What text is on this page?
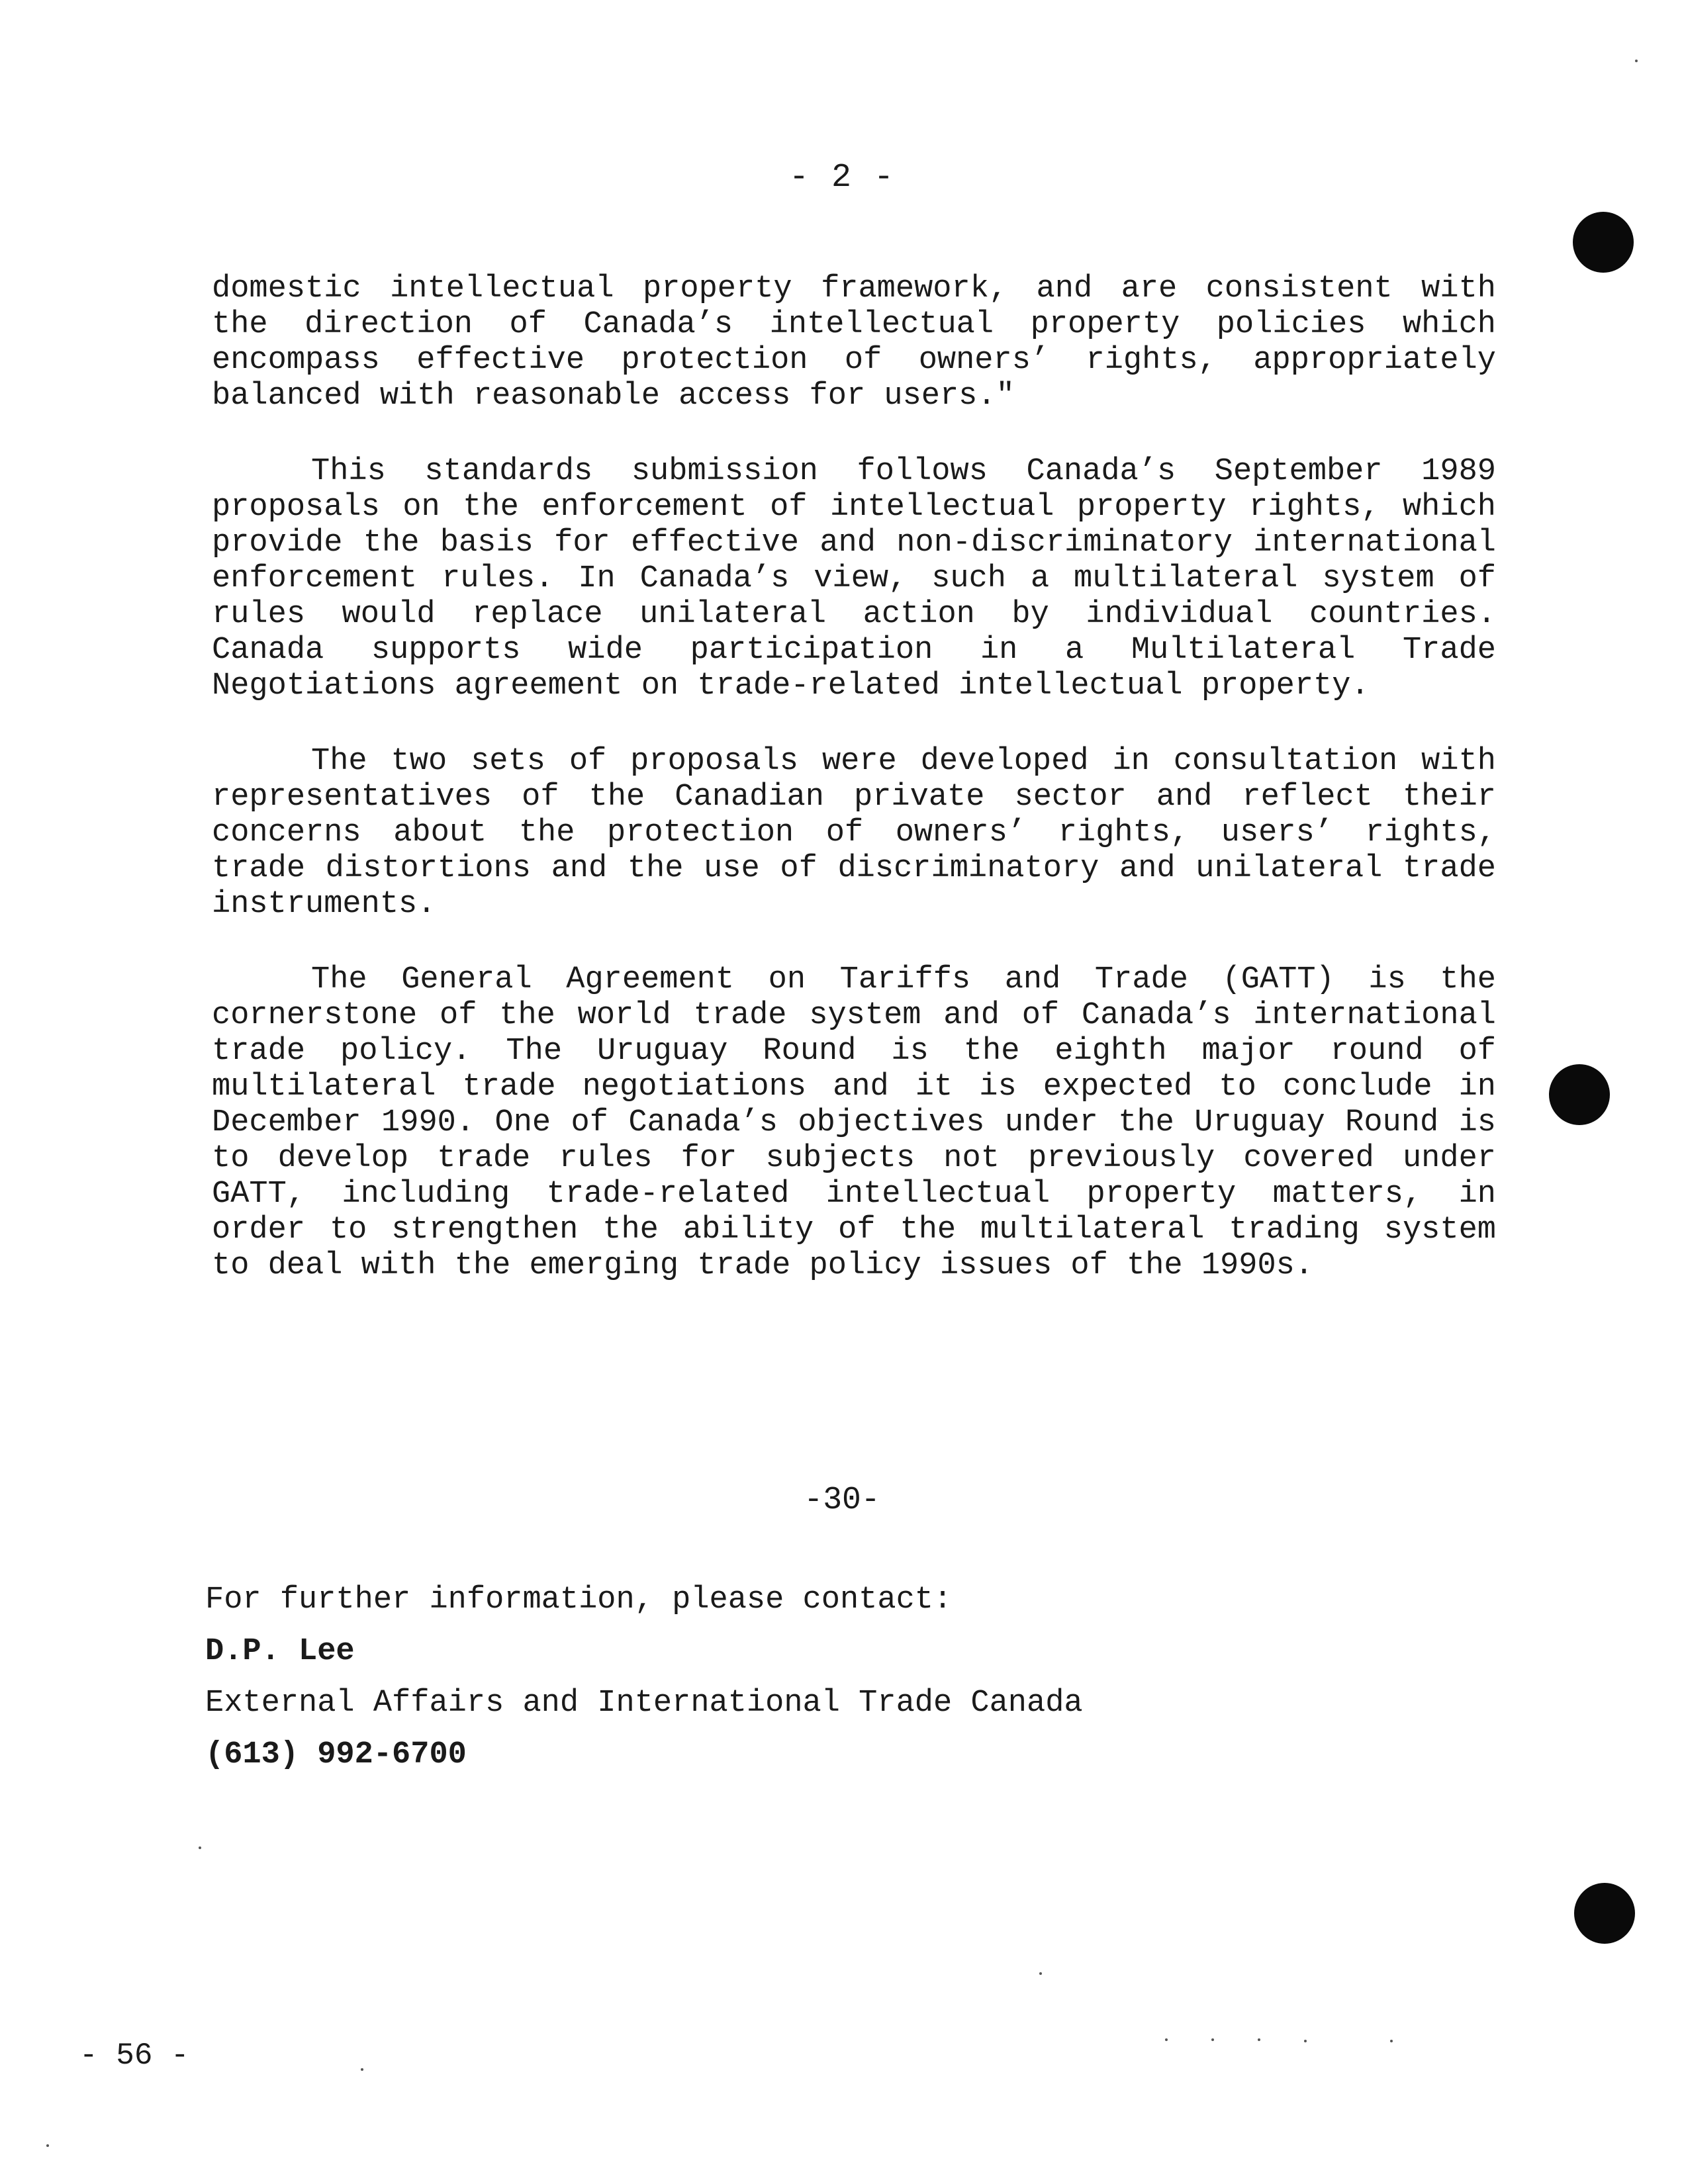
- 2 -

domestic intellectual property framework, and are consistent with the direction of Canada’s intellectual property policies which encompass effective protection of owners’ rights, appropriately balanced with reasonable access for users."

This standards submission follows Canada’s September 1989 proposals on the enforcement of intellectual property rights, which provide the basis for effective and non-discriminatory international enforcement rules. In Canada’s view, such a multilateral system of rules would replace unilateral action by individual countries. Canada supports wide participation in a Multilateral Trade Negotiations agreement on trade-related intellectual property.

The two sets of proposals were developed in consultation with representatives of the Canadian private sector and reflect their concerns about the protection of owners’ rights, users’ rights, trade distortions and the use of discriminatory and unilateral trade instruments.

The General Agreement on Tariffs and Trade (GATT) is the cornerstone of the world trade system and of Canada’s international trade policy. The Uruguay Round is the eighth major round of multilateral trade negotiations and it is expected to conclude in December 1990. One of Canada’s objectives under the Uruguay Round is to develop trade rules for subjects not previously covered under GATT, including trade-related intellectual property matters, in order to strengthen the ability of the multilateral trading system to deal with the emerging trade policy issues of the 1990s.

-30-
For further information, please contact:
D.P. Lee
External Affairs and International Trade Canada
(613) 992-6700
- 56 -
